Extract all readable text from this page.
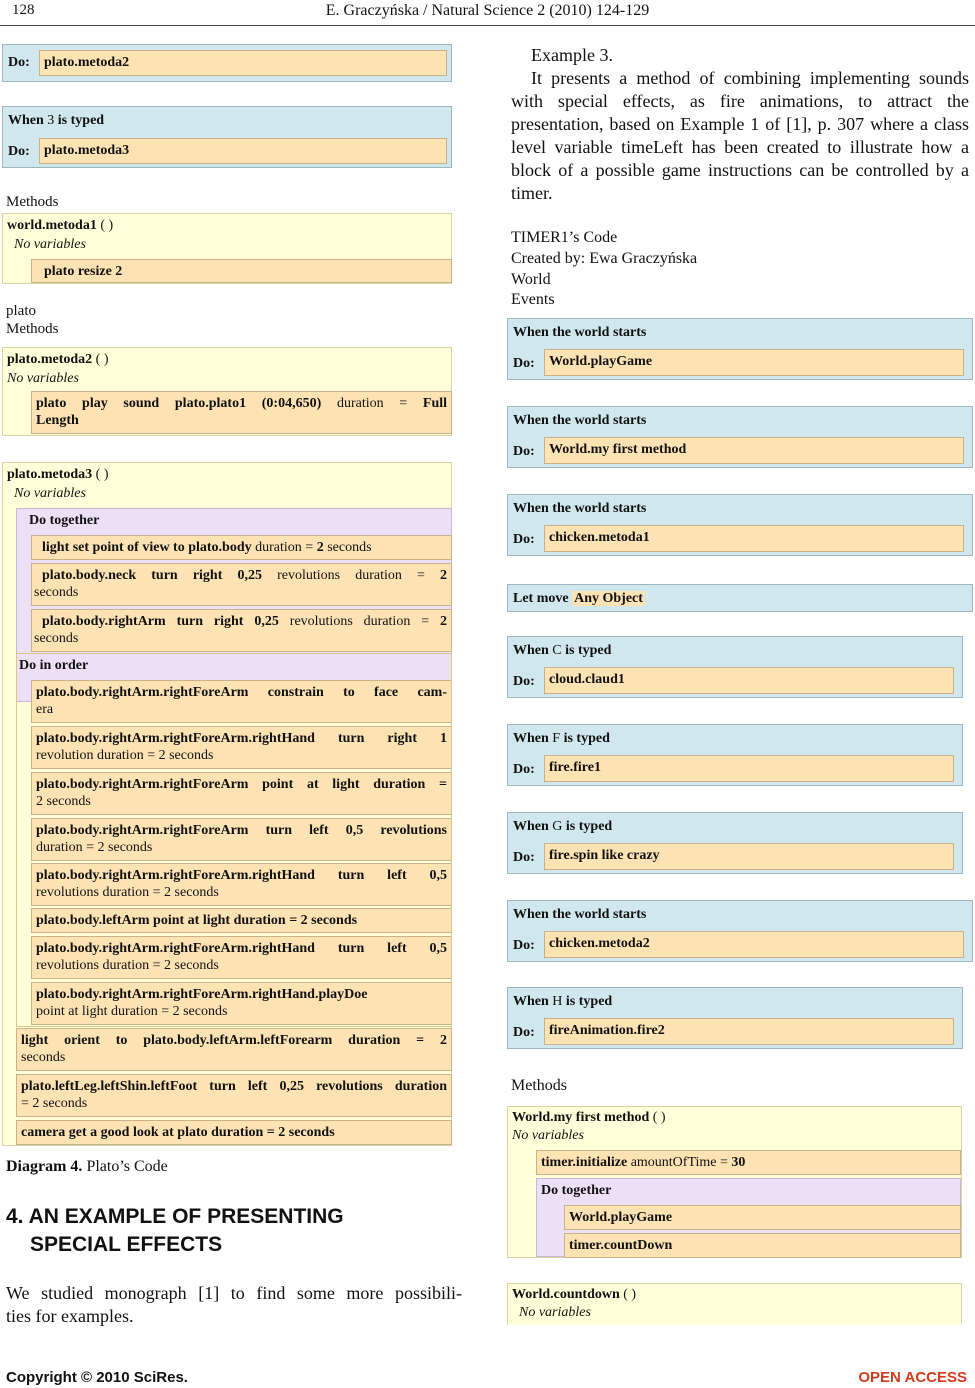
128	E. Graczyńska / Natural Science 2 (2010) 124-129
Do:	plato.metoda2
When 3 is typed
Do:	plato.metoda3
Methods
world.metoda1 ( )
No variables
plato resize 2
plato
Methods
plato.metoda2 ( )
No variables
plato play sound plato.plato1 (0:04,650) duration = Full
Length
plato.metoda3 ( )
No variables
Do together
light set point of view to plato.body duration = 2 seconds
plato.body.neck turn right 0,25 revolutions duration = 2
seconds
plato.body.rightArm turn right 0,25 revolutions duration = 2
seconds
Do in order
plato.body.rightArm.rightForeArm constrain to face cam-
era
plato.body.rightArm.rightForeArm.rightHand turn right 1
revolution duration = 2 seconds
plato.body.rightArm.rightForeArm point at light duration =
2 seconds
plato.body.rightArm.rightForeArm turn left 0,5 revolutions
duration = 2 seconds
plato.body.rightArm.rightForeArm.rightHand turn left 0,5
revolutions duration = 2 seconds
plato.body.leftArm point at light duration = 2 seconds
plato.body.rightArm.rightForeArm.rightHand turn left 0,5
revolutions duration = 2 seconds
plato.body.rightArm.rightForeArm.rightHand.playDoe
point at light duration = 2 seconds
light orient to plato.body.leftArm.leftForearm duration = 2
seconds
plato.leftLeg.leftShin.leftFoot turn left 0,25 revolutions duration
= 2 seconds
camera get a good look at plato duration = 2 seconds
Diagram 4. Plato’s Code
4. AN EXAMPLE OF PRESENTING
SPECIAL EFFECTS
We studied monograph [1] to find some more possibili-
ties for examples.
Example 3.
It presents a method of combining implementing sounds with special effects, as fire animations, to attract the presentation, based on Example 1 of [1], p. 307 where a class level variable timeLeft has been created to illustrate how a block of a possible game instructions can be controlled by a timer.
TIMER1’s Code
Created by: Ewa Graczyńska
World
Events
When the world starts
Do:	World.playGame
When the world starts
Do:	World.my first method
When the world starts
Do:	chicken.metoda1
When C is typed
Do:	cloud.claud1
When F is typed
Do:	fire.fire1
When G is typed
Do:	fire.spin like crazy
When the world starts
Do:	chicken.metoda2
When H is typed
Do:	fireAnimation.fire2
Let move Any Object
Methods
World.my first method ( )
No variables
timer.initialize amountOfTime = 30
Do together
World.playGame
timer.countDown
World.countdown ( )
No variables
Copyright © 2010 SciRes.	OPEN ACCESS
